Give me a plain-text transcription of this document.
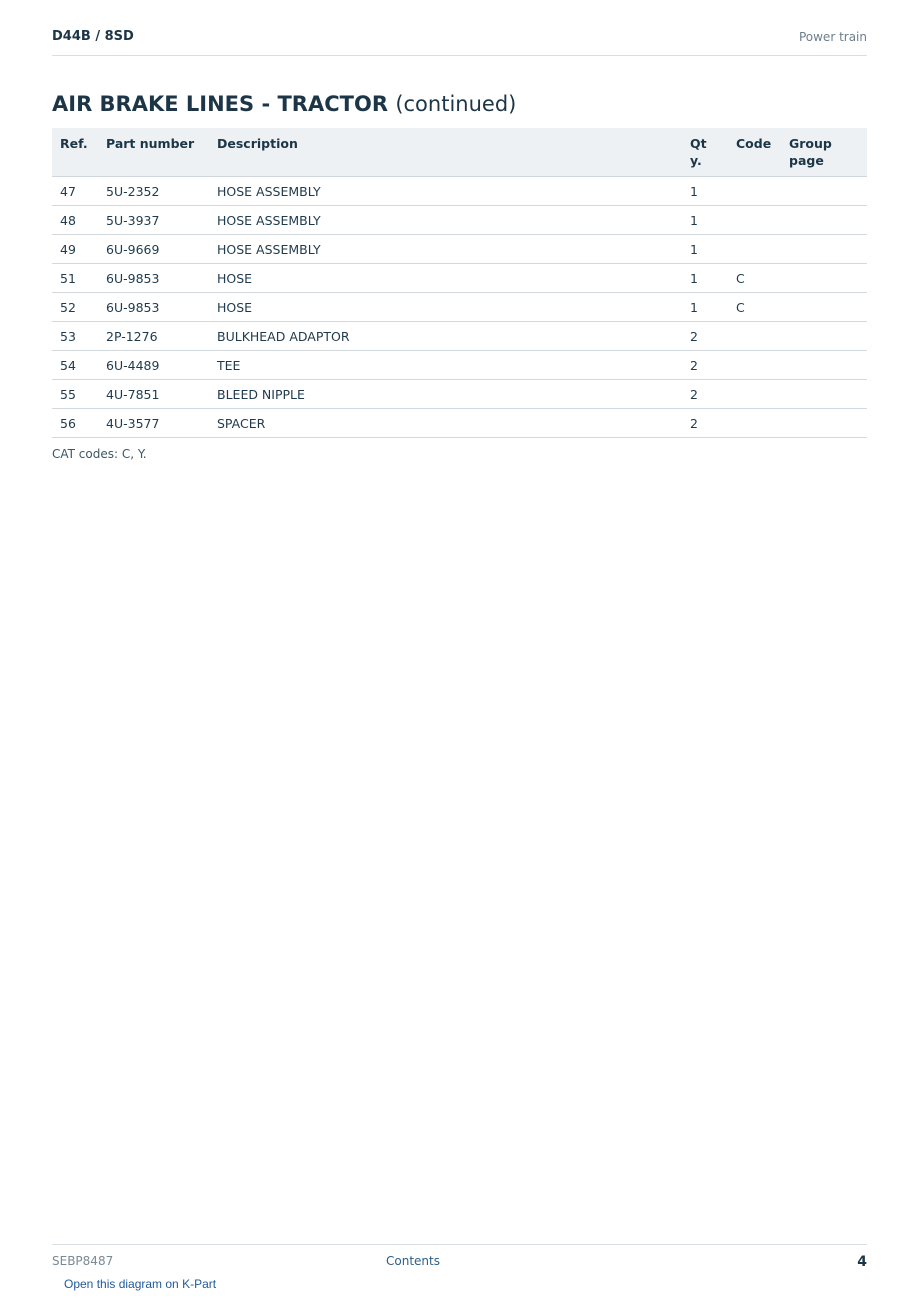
D44B / 8SD	Power train
AIR BRAKE LINES - TRACTOR (continued)
Ref.	Part number	Description	Qty.	Code	Group page
47	5U-2352	HOSE ASSEMBLY	1		
48	5U-3937	HOSE ASSEMBLY	1		
49	6U-9669	HOSE ASSEMBLY	1		
51	6U-9853	HOSE	1	C	
52	6U-9853	HOSE	1	C	
53	2P-1276	BULKHEAD ADAPTOR	2		
54	6U-4489	TEE	2		
55	4U-7851	BLEED NIPPLE	2		
56	4U-3577	SPACER	2		
CAT codes: C, Y.
SEBP8487	Contents	4
Open this diagram on K-Part
